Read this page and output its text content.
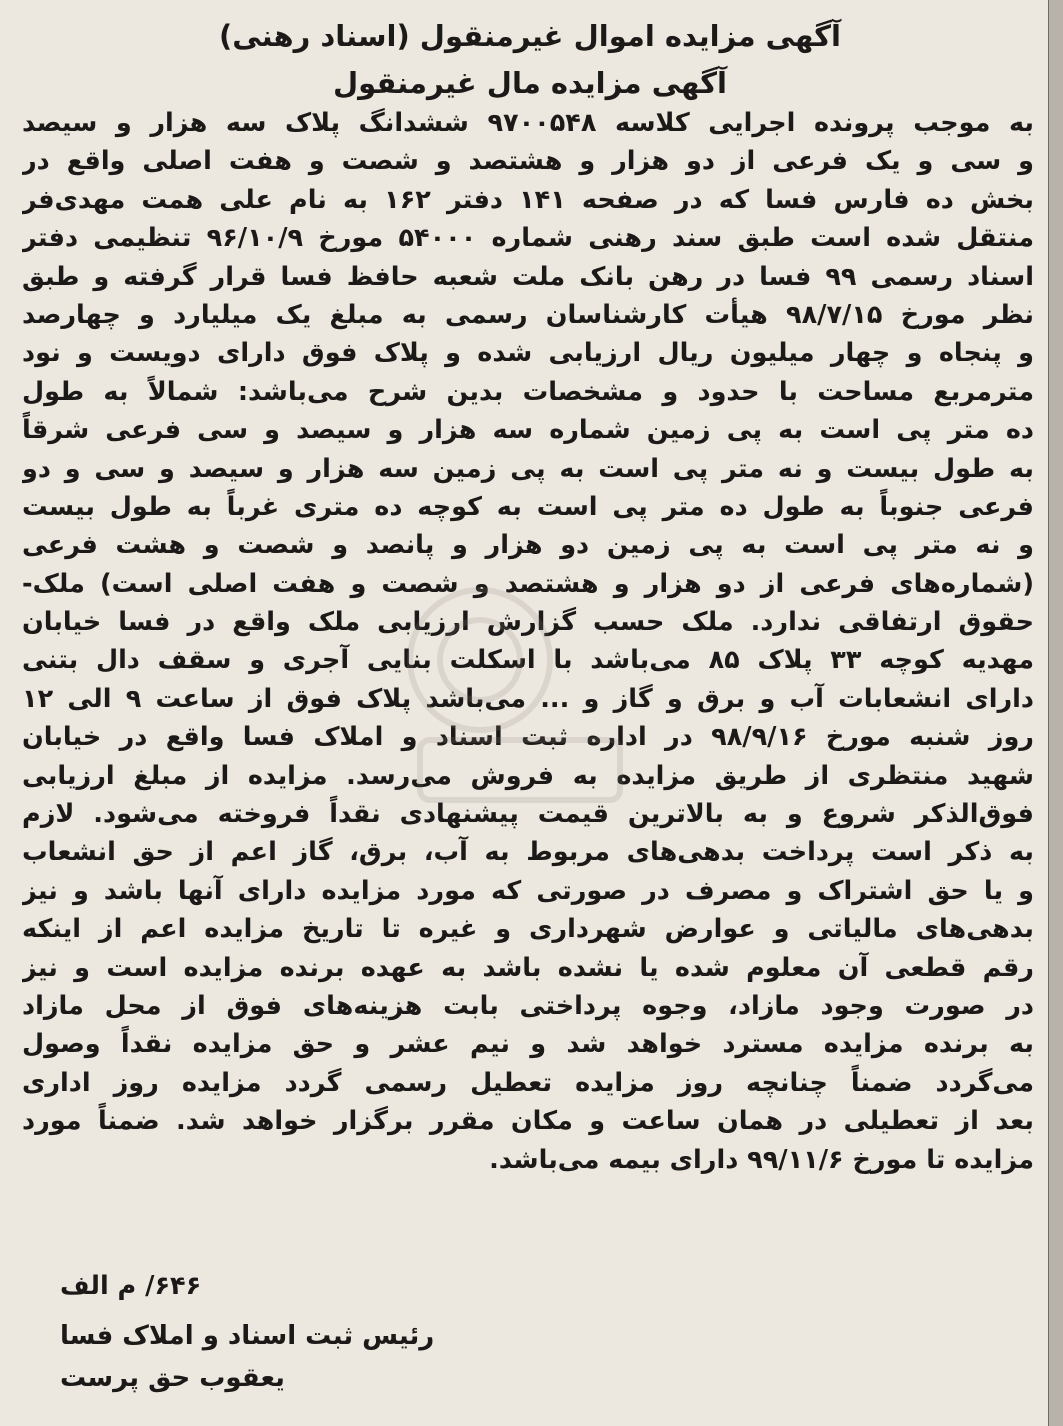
آگهی مزایده اموال غیرمنقول (اسناد رهنی)
آگهی مزایده مال غیرمنقول
به موجب پرونده اجرایی کلاسه ۹۷۰۰۵۴۸ ششدانگ پلاک سه هزار و سیصد
و سی و یک فرعی از دو هزار و هشتصد و شصت و هفت اصلی واقع در
بخش ده فارس فسا که در صفحه ۱۴۱ دفتر ۱۶۲ به نام علی همت مهدی‌فر
منتقل شده است طبق سند رهنی شماره ۵۴۰۰۰ مورخ ۹۶/۱۰/۹ تنظیمی دفتر
اسناد رسمی ۹۹ فسا در رهن بانک ملت شعبه حافظ فسا قرار گرفته و طبق
نظر مورخ ۹۸/۷/۱۵ هیأت کارشناسان رسمی به مبلغ یک میلیارد و چهارصد
و پنجاه و چهار میلیون ریال ارزیابی شده و پلاک فوق دارای دویست و نود
مترمربع مساحت با حدود و مشخصات بدین شرح می‌باشد: شمالاً به طول
ده متر پی است به پی زمین شماره سه هزار و سیصد و سی فرعی شرقاً
به طول بیست و نه متر پی است به پی زمین سه هزار و سیصد و سی و دو
فرعی جنوباً به طول ده متر پی است به کوچه ده متری غرباً به طول بیست
و نه متر پی است به پی زمین دو هزار و پانصد و شصت و هشت فرعی
(شماره‌های فرعی از دو هزار و هشتصد و شصت و هفت اصلی است) ملک-
حقوق ارتفاقی ندارد. ملک حسب گزارش ارزیابی ملک واقع در فسا خیابان
مهدیه کوچه ۳۳ پلاک ۸۵ می‌باشد با اسکلت بنایی آجری و سقف دال بتنی
دارای انشعابات آب و برق و گاز و ... می‌باشد پلاک فوق از ساعت ۹ الی ۱۲
روز شنبه مورخ ۹۸/۹/۱۶ در اداره ثبت اسناد و املاک فسا واقع در خیابان
شهید منتظری از طریق مزایده به فروش می‌رسد. مزایده از مبلغ ارزیابی
فوق‌الذکر شروع و به بالاترین قیمت پیشنهادی نقداً فروخته می‌شود. لازم
به ذکر است پرداخت بدهی‌های مربوط به آب، برق، گاز اعم از حق انشعاب
و یا حق اشتراک و مصرف در صورتی که مورد مزایده دارای آنها باشد و نیز
بدهی‌های مالیاتی و عوارض شهرداری و غیره تا تاریخ مزایده اعم از اینکه
رقم قطعی آن معلوم شده یا نشده باشد به عهده برنده مزایده است و نیز
در صورت وجود مازاد، وجوه پرداختی بابت هزینه‌های فوق از محل مازاد
به برنده مزایده مسترد خواهد شد و نیم عشر و حق مزایده نقداً وصول
می‌گردد ضمناً چنانچه روز مزایده تعطیل رسمی گردد مزایده روز اداری
بعد از تعطیلی در همان ساعت و مکان مقرر برگزار خواهد شد. ضمناً مورد
مزایده تا مورخ ۹۹/۱۱/۶ دارای بیمه می‌باشد.
۶۴۶/ م الف
رئیس ثبت اسناد و املاک فسا
یعقوب حق پرست
